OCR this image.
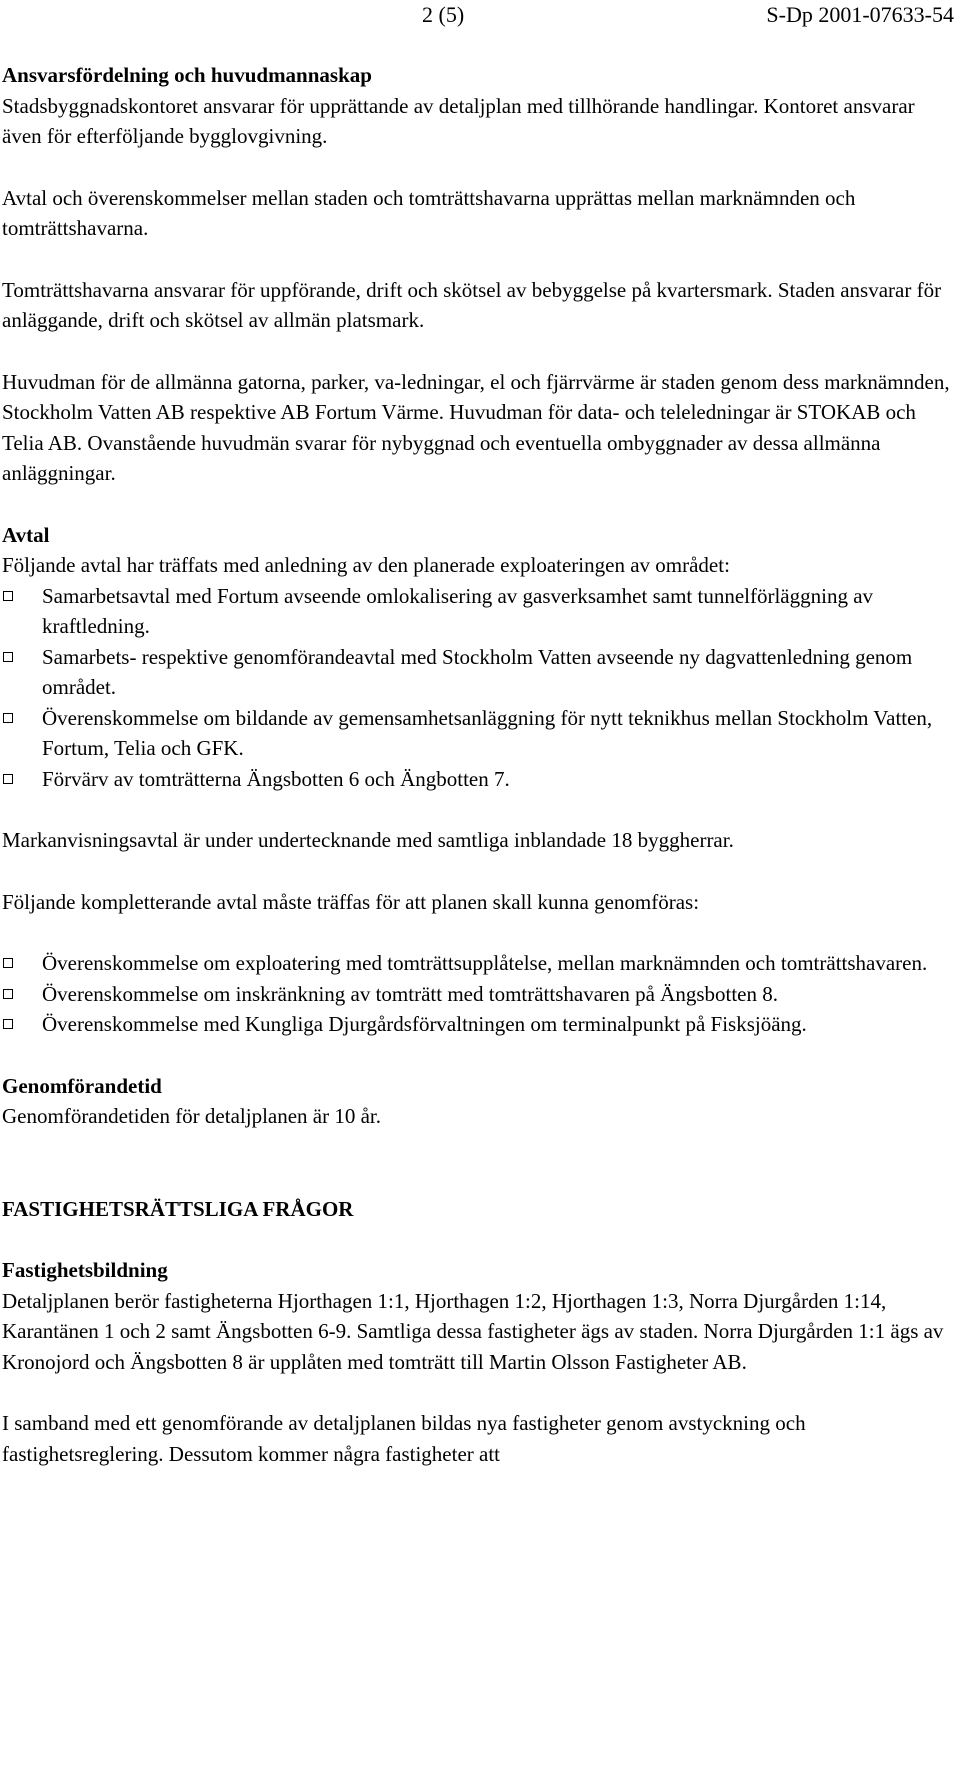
2 (5)	S-Dp 2001-07633-54

Ansvarsfördelning och huvudmannaskap

Stadsbyggnadskontoret ansvarar för upprättande av detaljplan med tillhörande handlingar. Kontoret ansvarar även för efterföljande bygglovgivning.

Avtal och överenskommelser mellan staden och tomträttshavarna upprättas mellan marknämnden och tomträttshavarna.

Tomträttshavarna ansvarar för uppförande, drift och skötsel av bebyggelse på kvartersmark. Staden ansvarar för anläggande, drift och skötsel av allmän platsmark.

Huvudman för de allmänna gatorna, parker, va-ledningar, el och fjärrvärme är staden genom dess marknämnden, Stockholm Vatten AB respektive AB Fortum Värme. Huvudman för data- och teleledningar är STOKAB och Telia AB. Ovanstående huvudmän svarar för nybyggnad och eventuella ombyggnader av dessa allmänna anläggningar.

Avtal

Följande avtal har träffats med anledning av den planerade exploateringen av området:

Samarbetsavtal med Fortum avseende omlokalisering av gasverksamhet samt tunnelförläggning av kraftledning.
Samarbets- respektive genomförandeavtal med Stockholm Vatten avseende ny dagvattenledning genom området.
Överenskommelse om bildande av gemensamhetsanläggning för nytt teknikhus mellan Stockholm Vatten, Fortum, Telia och GFK.
Förvärv av tomträtterna Ängsbotten 6 och Ängbotten 7.

Markanvisningsavtal är under undertecknande med samtliga inblandade 18 byggherrar.

Följande kompletterande avtal måste träffas för att planen skall kunna genomföras:

Överenskommelse om exploatering med tomträttsupplåtelse, mellan marknämnden och tomträttshavaren.
Överenskommelse om inskränkning av tomträtt med tomträttshavaren på Ängsbotten 8.
Överenskommelse med Kungliga Djurgårdsförvaltningen om terminalpunkt på Fisksjöäng.

Genomförandetid

Genomförandetiden för detaljplanen är 10 år.

FASTIGHETSRÄTTSLIGA FRÅGOR

Fastighetsbildning

Detaljplanen berör fastigheterna Hjorthagen 1:1, Hjorthagen 1:2, Hjorthagen 1:3, Norra Djurgården 1:14, Karantänen 1 och 2 samt Ängsbotten 6-9. Samtliga dessa fastigheter ägs av staden. Norra Djurgården 1:1 ägs av Kronojord och Ängsbotten 8 är upplåten med tomträtt till Martin Olsson Fastigheter AB.

I samband med ett genomförande av detaljplanen bildas nya fastigheter genom avstyckning och fastighetsreglering. Dessutom kommer några fastigheter att
